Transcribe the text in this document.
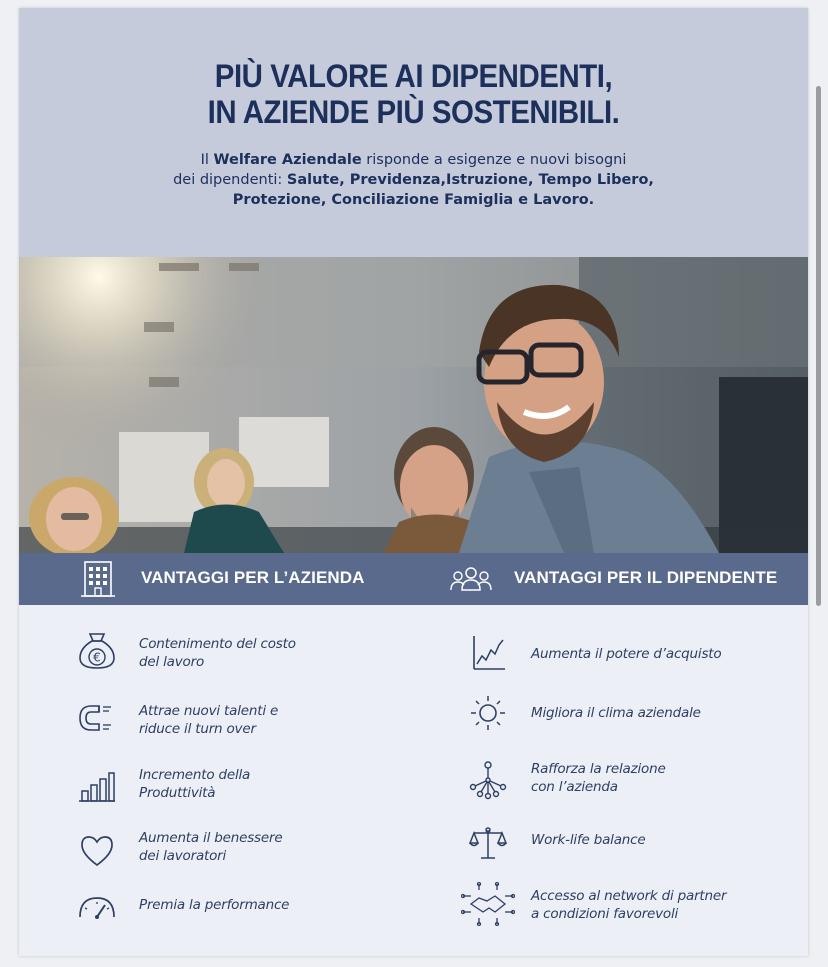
PIÙ VALORE AI DIPENDENTI,
IN AZIENDE PIÙ SOSTENIBILI.
Il Welfare Aziendale risponde a esigenze e nuovi bisogni
dei dipendenti: Salute, Previdenza,Istruzione, Tempo Libero,
Protezione, Conciliazione Famiglia e Lavoro.
VANTAGGI PER L’AZIENDA	VANTAGGI PER IL DIPENDENTE
€
Contenimento del costo
del lavoro
Attrae nuovi talenti e
riduce il turn over
Incremento della
Produttività
Aumenta il benessere
dei lavoratori
Premia la performance
Aumenta il potere d’acquisto
Migliora il clima aziendale
Rafforza la relazione
con l’azienda
Work-life balance
Accesso al network di partner
a condizioni favorevoli
